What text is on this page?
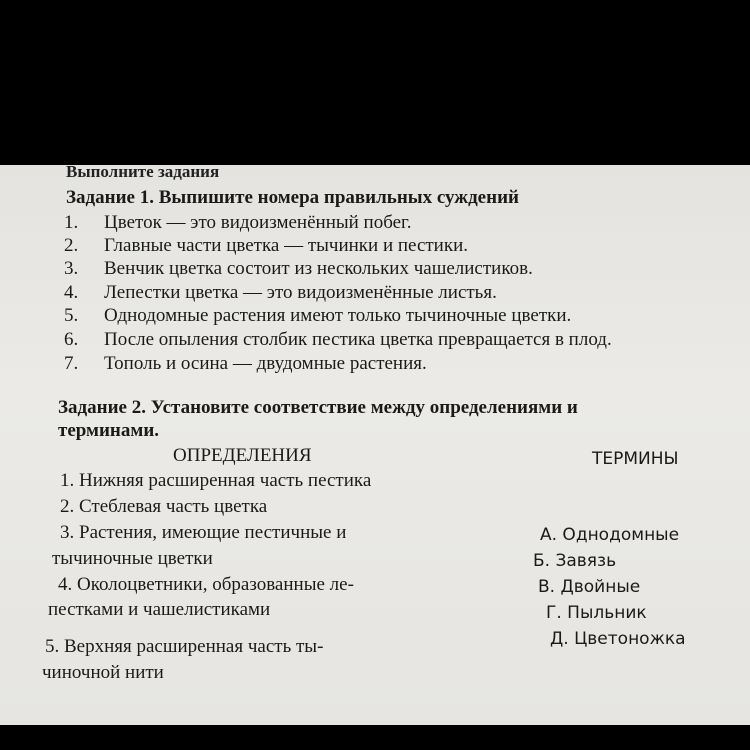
Выполните задания
Задание 1. Выпишите номера правильных суждений
1. Цветок — это видоизменённый побег.
2. Главные части цветка — тычинки и пестики.
3. Венчик цветка состоит из нескольких чашелистиков.
4. Лепестки цветка — это видоизменённые листья.
5. Однодомные растения имеют только тычиночные цветки.
6. После опыления столбик пестика цветка превращается в плод.
7. Тополь и осина — двудомные растения.
Задание 2. Установите соответствие между определениями и
терминами.
ОПРЕДЕЛЕНИЯ	ТЕРМИНЫ
1. Нижняя расширенная часть пестика
2. Стеблевая часть цветка
3. Растения, имеющие пестичные и
тычиночные цветки
4. Околоцветники, образованные ле-
пестками и чашелистиками
5. Верхняя расширенная часть ты-
чиночной нити
А. Однодомные
Б. Завязь
В. Двойные
Г. Пыльник
Д. Цветоножка
